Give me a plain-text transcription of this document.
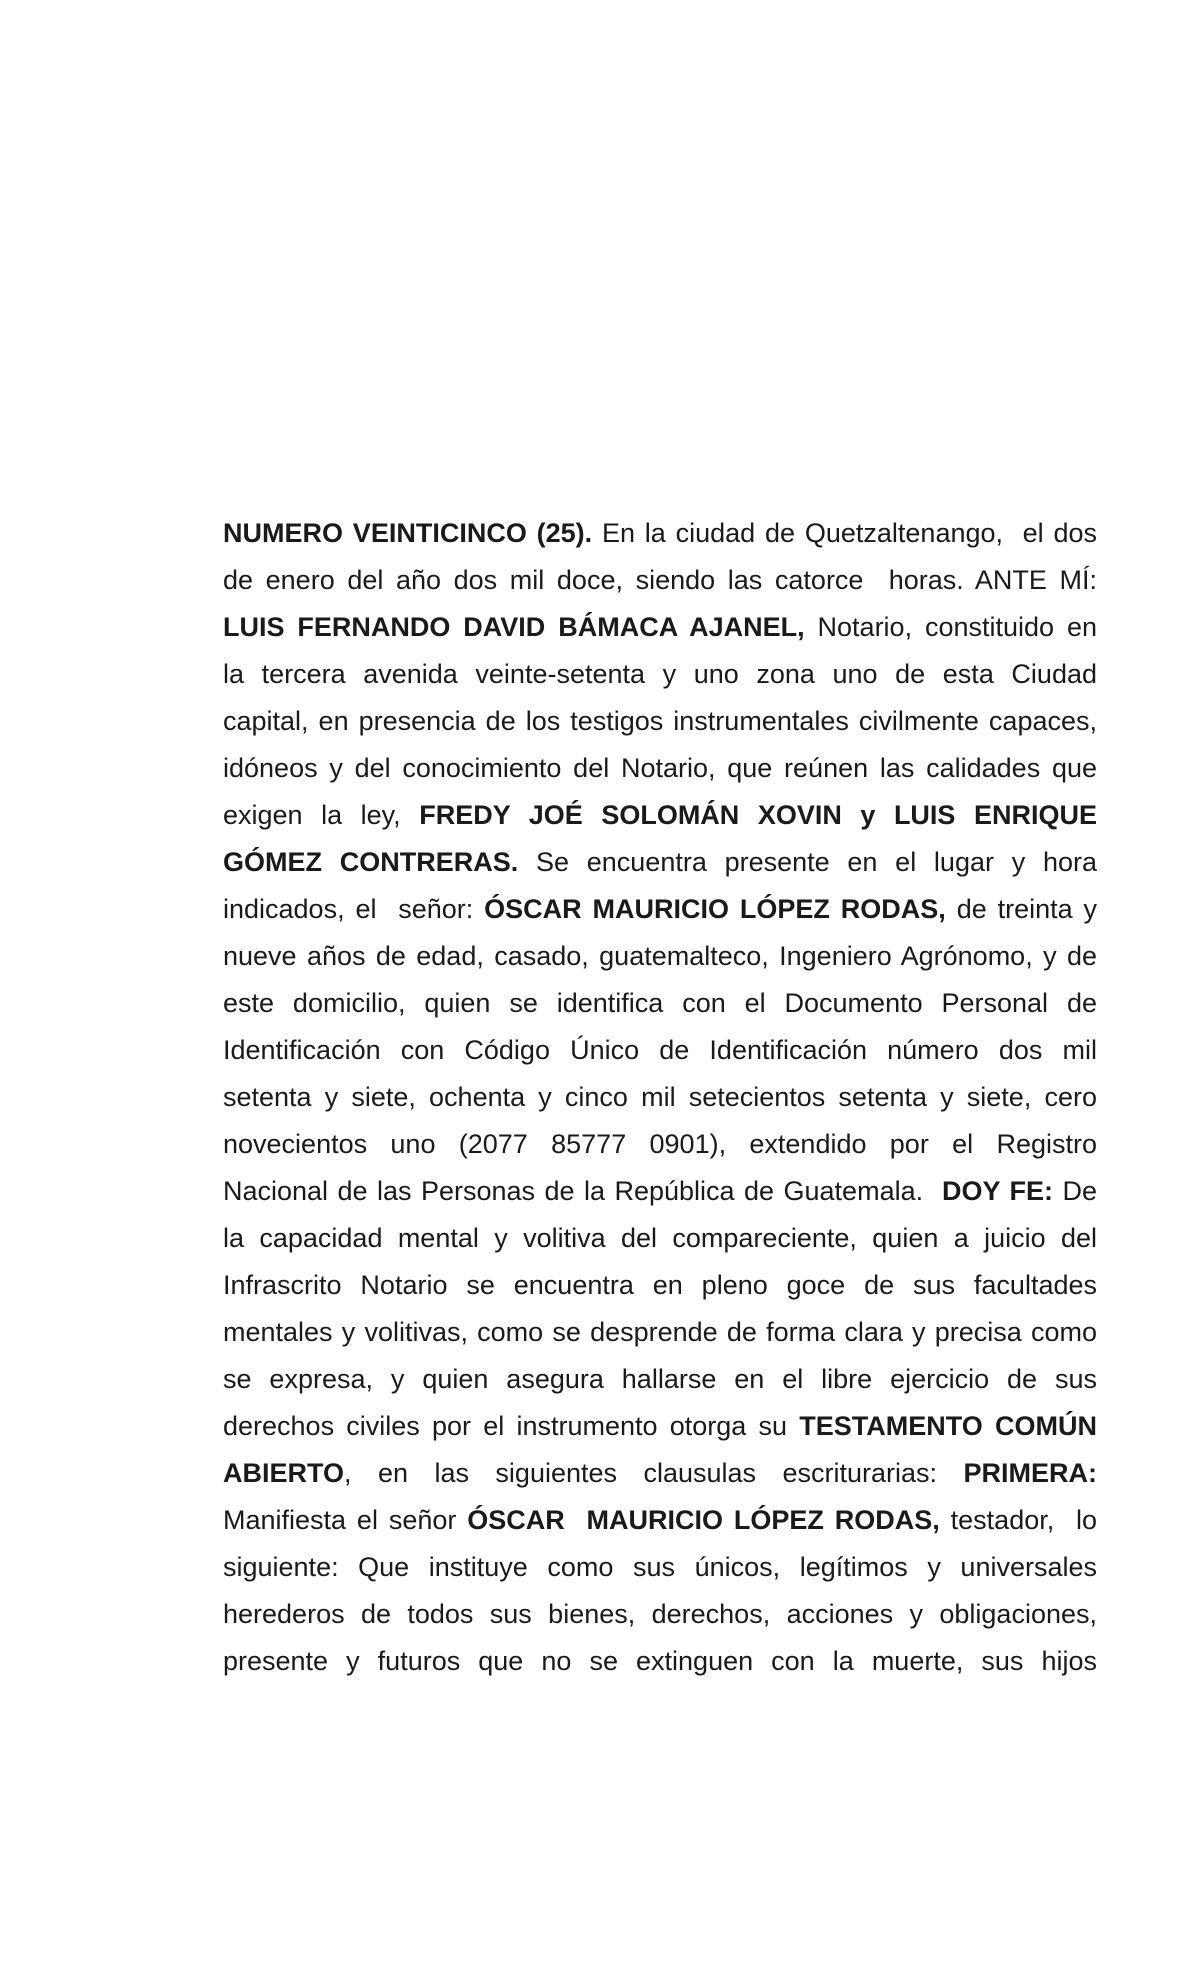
NUMERO VEINTICINCO (25). En la ciudad de Quetzaltenango,  el dos
de enero del año dos mil doce, siendo las catorce  horas. ANTE MÍ:
LUIS FERNANDO DAVID BÁMACA AJANEL, Notario, constituido en
la tercera avenida veinte-setenta y uno zona uno de esta Ciudad
capital, en presencia de los testigos instrumentales civilmente capaces,
idóneos y del conocimiento del Notario, que reúnen las calidades que
exigen la ley, FREDY JOÉ SOLOMÁN XOVIN y LUIS ENRIQUE
GÓMEZ CONTRERAS. Se encuentra presente en el lugar y hora
indicados, el  señor: ÓSCAR MAURICIO LÓPEZ RODAS, de treinta y
nueve años de edad, casado, guatemalteco, Ingeniero Agrónomo, y de
este domicilio, quien se identifica con el Documento Personal de
Identificación con Código Único de Identificación número dos mil
setenta y siete, ochenta y cinco mil setecientos setenta y siete, cero
novecientos uno (2077 85777 0901), extendido por el Registro
Nacional de las Personas de la República de Guatemala.  DOY FE: De
la capacidad mental y volitiva del compareciente, quien a juicio del
Infrascrito Notario se encuentra en pleno goce de sus facultades
mentales y volitivas, como se desprende de forma clara y precisa como
se expresa, y quien asegura hallarse en el libre ejercicio de sus
derechos civiles por el instrumento otorga su TESTAMENTO COMÚN
ABIERTO, en las siguientes clausulas escriturarias: PRIMERA:
Manifiesta el señor ÓSCAR  MAURICIO LÓPEZ RODAS, testador,  lo
siguiente: Que instituye como sus únicos, legítimos y universales
herederos de todos sus bienes, derechos, acciones y obligaciones,
presente y futuros que no se extinguen con la muerte, sus hijos
